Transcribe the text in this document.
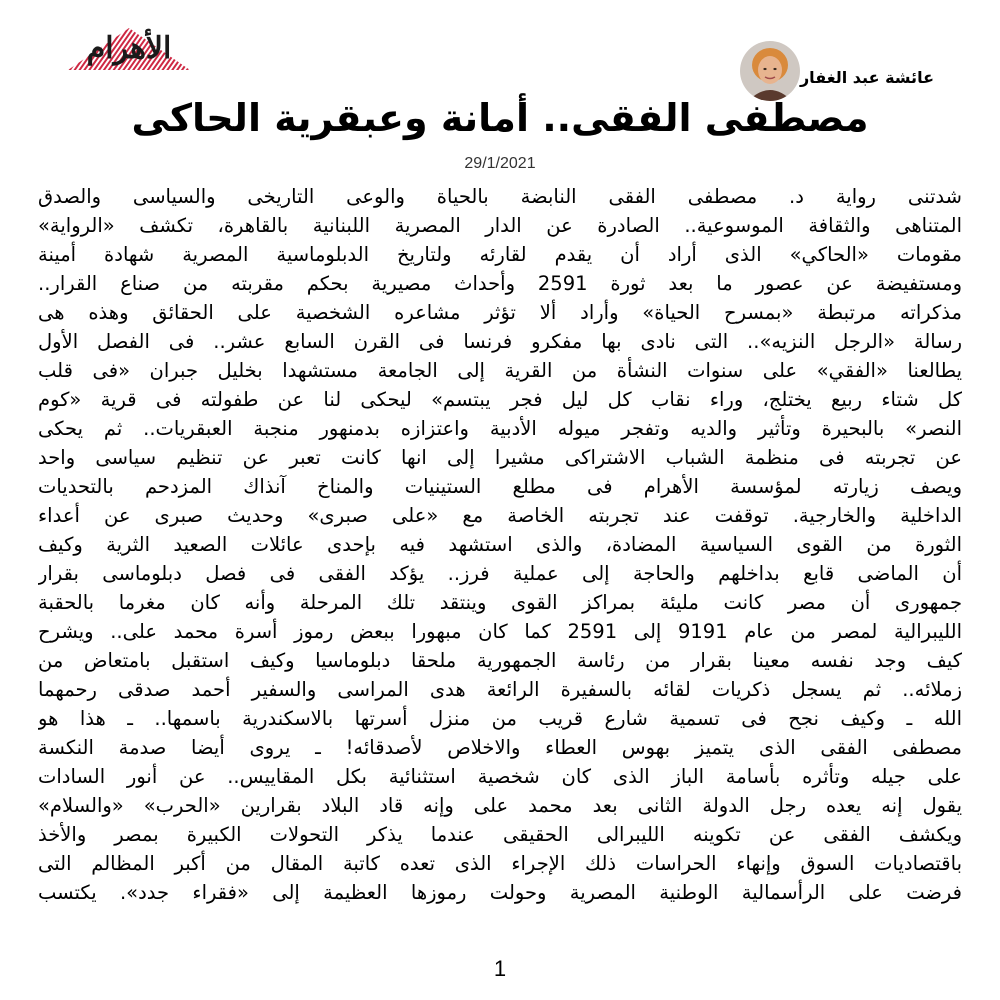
الأهرام
عائشة عبد الغفار
مصطفى الفقى.. أمانة وعبقرية الحاكى
29/1/2021
شدتنى رواية د. مصطفى الفقى النابضة بالحياة والوعى التاريخى والسياسى والصدق
المتناهى والثقافة الموسوعية.. الصادرة عن الدار المصرية اللبنانية بالقاهرة، تكشف «الرواية»
مقومات «الحاكي» الذى أراد أن يقدم لقارئه ولتاريخ الدبلوماسية المصرية شهادة أمينة
ومستفيضة عن عصور ما بعد ثورة 2591 وأحداث مصيرية بحكم مقربته من صناع القرار..
مذكراته مرتبطة «بمسرح الحياة» وأراد ألا تؤثر مشاعره الشخصية على الحقائق وهذه هى
رسالة «الرجل النزيه».. التى نادى بها مفكرو فرنسا فى القرن السابع عشر.. فى الفصل الأول
يطالعنا «الفقي» على سنوات النشأة من القرية إلى الجامعة مستشهدا بخليل جبران «فى قلب
كل شتاء ربيع يختلج، وراء نقاب كل ليل فجر يبتسم» ليحكى لنا عن طفولته فى قرية «كوم
النصر» بالبحيرة وتأثير والديه وتفجر ميوله الأدبية واعتزازه بدمنهور منجبة العبقريات.. ثم يحكى
عن تجربته فى منظمة الشباب الاشتراكى مشيرا إلى انها كانت تعبر عن تنظيم سياسى واحد
ويصف زيارته لمؤسسة الأهرام فى مطلع الستينيات والمناخ آنذاك المزدحم بالتحديات
الداخلية والخارجية. توقفت عند تجربته الخاصة مع «على صبرى» وحديث صبرى عن أعداء
الثورة من القوى السياسية المضادة، والذى استشهد فيه بإحدى عائلات الصعيد الثرية وكيف
أن الماضى قابع بداخلهم والحاجة إلى عملية فرز.. يؤكد الفقى فى فصل دبلوماسى بقرار
جمهورى أن مصر كانت مليئة بمراكز القوى وينتقد تلك المرحلة وأنه كان مغرما بالحقبة
الليبرالية لمصر من عام 9191 إلى 2591 كما كان مبهورا ببعض رموز أسرة محمد على.. ويشرح
كيف وجد نفسه معينا بقرار من رئاسة الجمهورية ملحقا دبلوماسيا وكيف استقبل بامتعاض من
زملائه.. ثم يسجل ذكريات لقائه بالسفيرة الرائعة هدى المراسى والسفير أحمد صدقى رحمهما
الله ـ وكيف نجح فى تسمية شارع قريب من منزل أسرتها بالاسكندرية باسمها.. ـ هذا هو
مصطفى الفقى الذى يتميز بهوس العطاء والاخلاص لأصدقائه! ـ يروى أيضا صدمة النكسة
على جيله وتأثره بأسامة الباز الذى كان شخصية استثنائية بكل المقاييس.. عن أنور السادات
يقول إنه يعده رجل الدولة الثانى بعد محمد على وإنه قاد البلاد بقرارين «الحرب» «والسلام»
ويكشف الفقى عن تكوينه الليبرالى الحقيقى عندما يذكر التحولات الكبيرة بمصر والأخذ
باقتصاديات السوق وإنهاء الحراسات ذلك الإجراء الذى تعده كاتبة المقال من أكبر المظالم التى
فرضت على الرأسمالية الوطنية المصرية وحولت رموزها العظيمة إلى «فقراء جدد». يكتسب
1
